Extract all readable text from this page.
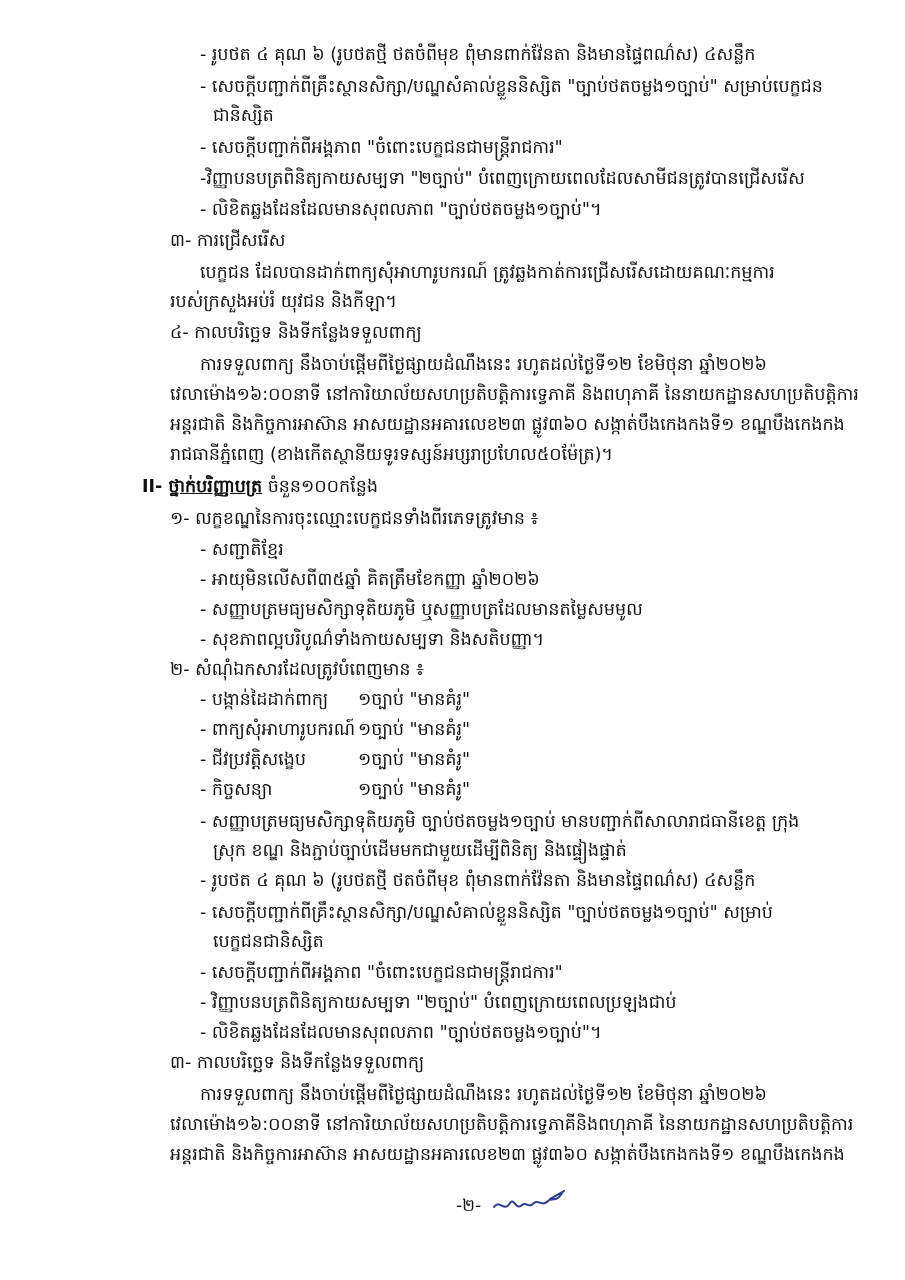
- រូបថត ៤ គុណ ៦ (រូបថតថ្មី ថតចំពីមុខ ពុំមានពាក់វ៉ែនតា និងមានផ្ទៃពណ៌ស) ៤សន្លឹក
- សេចក្ដីបញ្ជាក់ពីគ្រឹះស្ថានសិក្សា/បណ្ឌសំគាល់ខ្លួននិស្សិត "ច្បាប់ថតចម្លង១ច្បាប់" សម្រាប់បេក្ខជន
ជានិស្សិត
- សេចក្ដីបញ្ជាក់ពីអង្គភាព "ចំពោះបេក្ខជនជាមន្ត្រីរាជការ"
-វិញ្ញាបនបត្រពិនិត្យកាយសម្បទា "២ច្បាប់" បំពេញក្រោយពេលដែលសាមីជនត្រូវបានជ្រើសរើស
- លិខិតឆ្លងដែនដែលមានសុពលភាព "ច្បាប់ថតចម្លង១ច្បាប់"។
៣- ការជ្រើសរើស
បេក្ខជន ដែលបានដាក់ពាក្យសុំអាហារូបករណ៍ ត្រូវឆ្លងកាត់ការជ្រើសរើសដោយគណៈកម្មការ
របស់ក្រសួងអប់រំ យុវជន និងកីឡា។
៤- កាលបរិច្ឆេទ និងទីកន្លែងទទួលពាក្យ
ការទទួលពាក្យ នឹងចាប់ផ្ដើមពីថ្ងៃផ្សាយដំណឹងនេះ រហូតដល់ថ្ងៃទី១២ ខែមិថុនា ឆ្នាំ២០២៦
វេលាម៉ោង១៦:០០នាទី នៅការិយាល័យសហប្រតិបត្តិការទ្វេភាគី និងពហុភាគី នៃនាយកដ្ឋានសហប្រតិបត្តិការ
អន្តរជាតិ និងកិច្ចការអាស៊ាន អាសយដ្ឋានអគារលេខ២៣ ផ្លូវ៣៦០ សង្កាត់បឹងកេងកងទី១ ខណ្ឌបឹងកេងកង
រាជធានីភ្នំពេញ (ខាងកើតស្ថានីយទូរទស្សន៍អប្សរាប្រហែល៥០ម៉ែត្រ)។
II- ថ្នាក់បរិញ្ញាបត្រ ចំនួន១០០កន្លែង
១- លក្ខខណ្ឌនៃការចុះឈ្មោះបេក្ខជនទាំងពីរភេទត្រូវមាន ៖
- សញ្ជាតិខ្មែរ
- អាយុមិនលើសពី៣៥ឆ្នាំ គិតត្រឹមខែកញ្ញា ឆ្នាំ២០២៦
- សញ្ញាបត្រមធ្យមសិក្សាទុតិយភូមិ ឬសញ្ញាបត្រដែលមានតម្លៃសមមូល
- សុខភាពល្អបរិបូណ៌ទាំងកាយសម្បទា និងសតិបញ្ញា។
២- សំណុំឯកសារដែលត្រូវបំពេញមាន ៖
- បង្កាន់ដៃដាក់ពាក្យ ១ច្បាប់ "មានគំរូ"
- ពាក្យសុំអាហារូបករណ៍ ១ច្បាប់ "មានគំរូ"
- ជីវប្រវត្តិសង្ខេប	១ច្បាប់ "មានគំរូ"
- កិច្ចសន្យា	១ច្បាប់ "មានគំរូ"
- សញ្ញាបត្រមធ្យមសិក្សាទុតិយភូមិ ច្បាប់ថតចម្លង១ច្បាប់ មានបញ្ជាក់ពីសាលារាជធានីខេត្ត ក្រុង
ស្រុក ខណ្ឌ និងភ្ជាប់ច្បាប់ដើមមកជាមួយដើម្បីពិនិត្យ និងផ្ទៀងផ្ទាត់
- រូបថត ៤ គុណ ៦ (រូបថតថ្មី ថតចំពីមុខ ពុំមានពាក់វ៉ែនតា និងមានផ្ទៃពណ៌ស) ៤សន្លឹក
- សេចក្ដីបញ្ជាក់ពីគ្រឹះស្ថានសិក្សា/បណ្ឌសំគាល់ខ្លួននិស្សិត "ច្បាប់ថតចម្លង១ច្បាប់" សម្រាប់
បេក្ខជនជានិស្សិត
- សេចក្ដីបញ្ជាក់ពីអង្គភាព "ចំពោះបេក្ខជនជាមន្ត្រីរាជការ"
- វិញ្ញាបនបត្រពិនិត្យកាយសម្បទា "២ច្បាប់" បំពេញក្រោយពេលប្រឡងជាប់
- លិខិតឆ្លងដែនដែលមានសុពលភាព "ច្បាប់ថតចម្លង១ច្បាប់"។
៣- កាលបរិច្ឆេទ និងទីកន្លែងទទួលពាក្យ
ការទទួលពាក្យ នឹងចាប់ផ្ដើមពីថ្ងៃផ្សាយដំណឹងនេះ រហូតដល់ថ្ងៃទី១២ ខែមិថុនា ឆ្នាំ២០២៦
វេលាម៉ោង១៦:០០នាទី នៅការិយាល័យសហប្រតិបត្តិការទ្វេភាគីនិងពហុភាគី នៃនាយកដ្ឋានសហប្រតិបត្តិការ
អន្តរជាតិ និងកិច្ចការអាស៊ាន អាសយដ្ឋានអគារលេខ២៣ ផ្លូវ៣៦០ សង្កាត់បឹងកេងកងទី១ ខណ្ឌបឹងកេងកង
-២-
